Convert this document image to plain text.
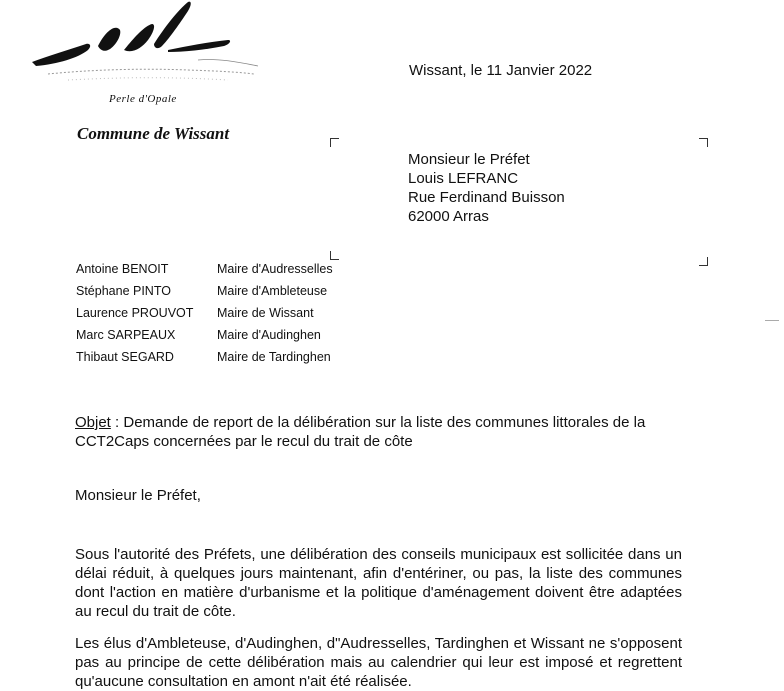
Perle d'Opale
Commune de Wissant
Wissant, le 11 Janvier 2022
Monsieur le Préfet
Louis LEFRANC
Rue Ferdinand Buisson
62000 Arras
Antoine BENOIT	Maire d'Audresselles
Stéphane PINTO	Maire d'Ambleteuse
Laurence PROUVOT Maire de Wissant
Marc SARPEAUX	Maire d'Audinghen
Thibaut SEGARD	Maire de Tardinghen
Objet : Demande de report de la délibération sur la liste des communes littorales de la CCT2Caps concernées par le recul du trait de côte
Monsieur le Préfet,
Sous l'autorité des Préfets, une délibération des conseils municipaux est sollicitée dans un délai réduit, à quelques jours maintenant, afin d'entériner, ou pas, la liste des communes dont l'action en matière d'urbanisme et la politique d'aménagement doivent être adaptées au recul du trait de côte.
Les élus d'Ambleteuse, d'Audinghen, d"Audresselles, Tardinghen et Wissant ne s'opposent pas au principe de cette délibération mais au calendrier qui leur est imposé et regrettent qu'aucune consultation en amont n'ait été réalisée.
